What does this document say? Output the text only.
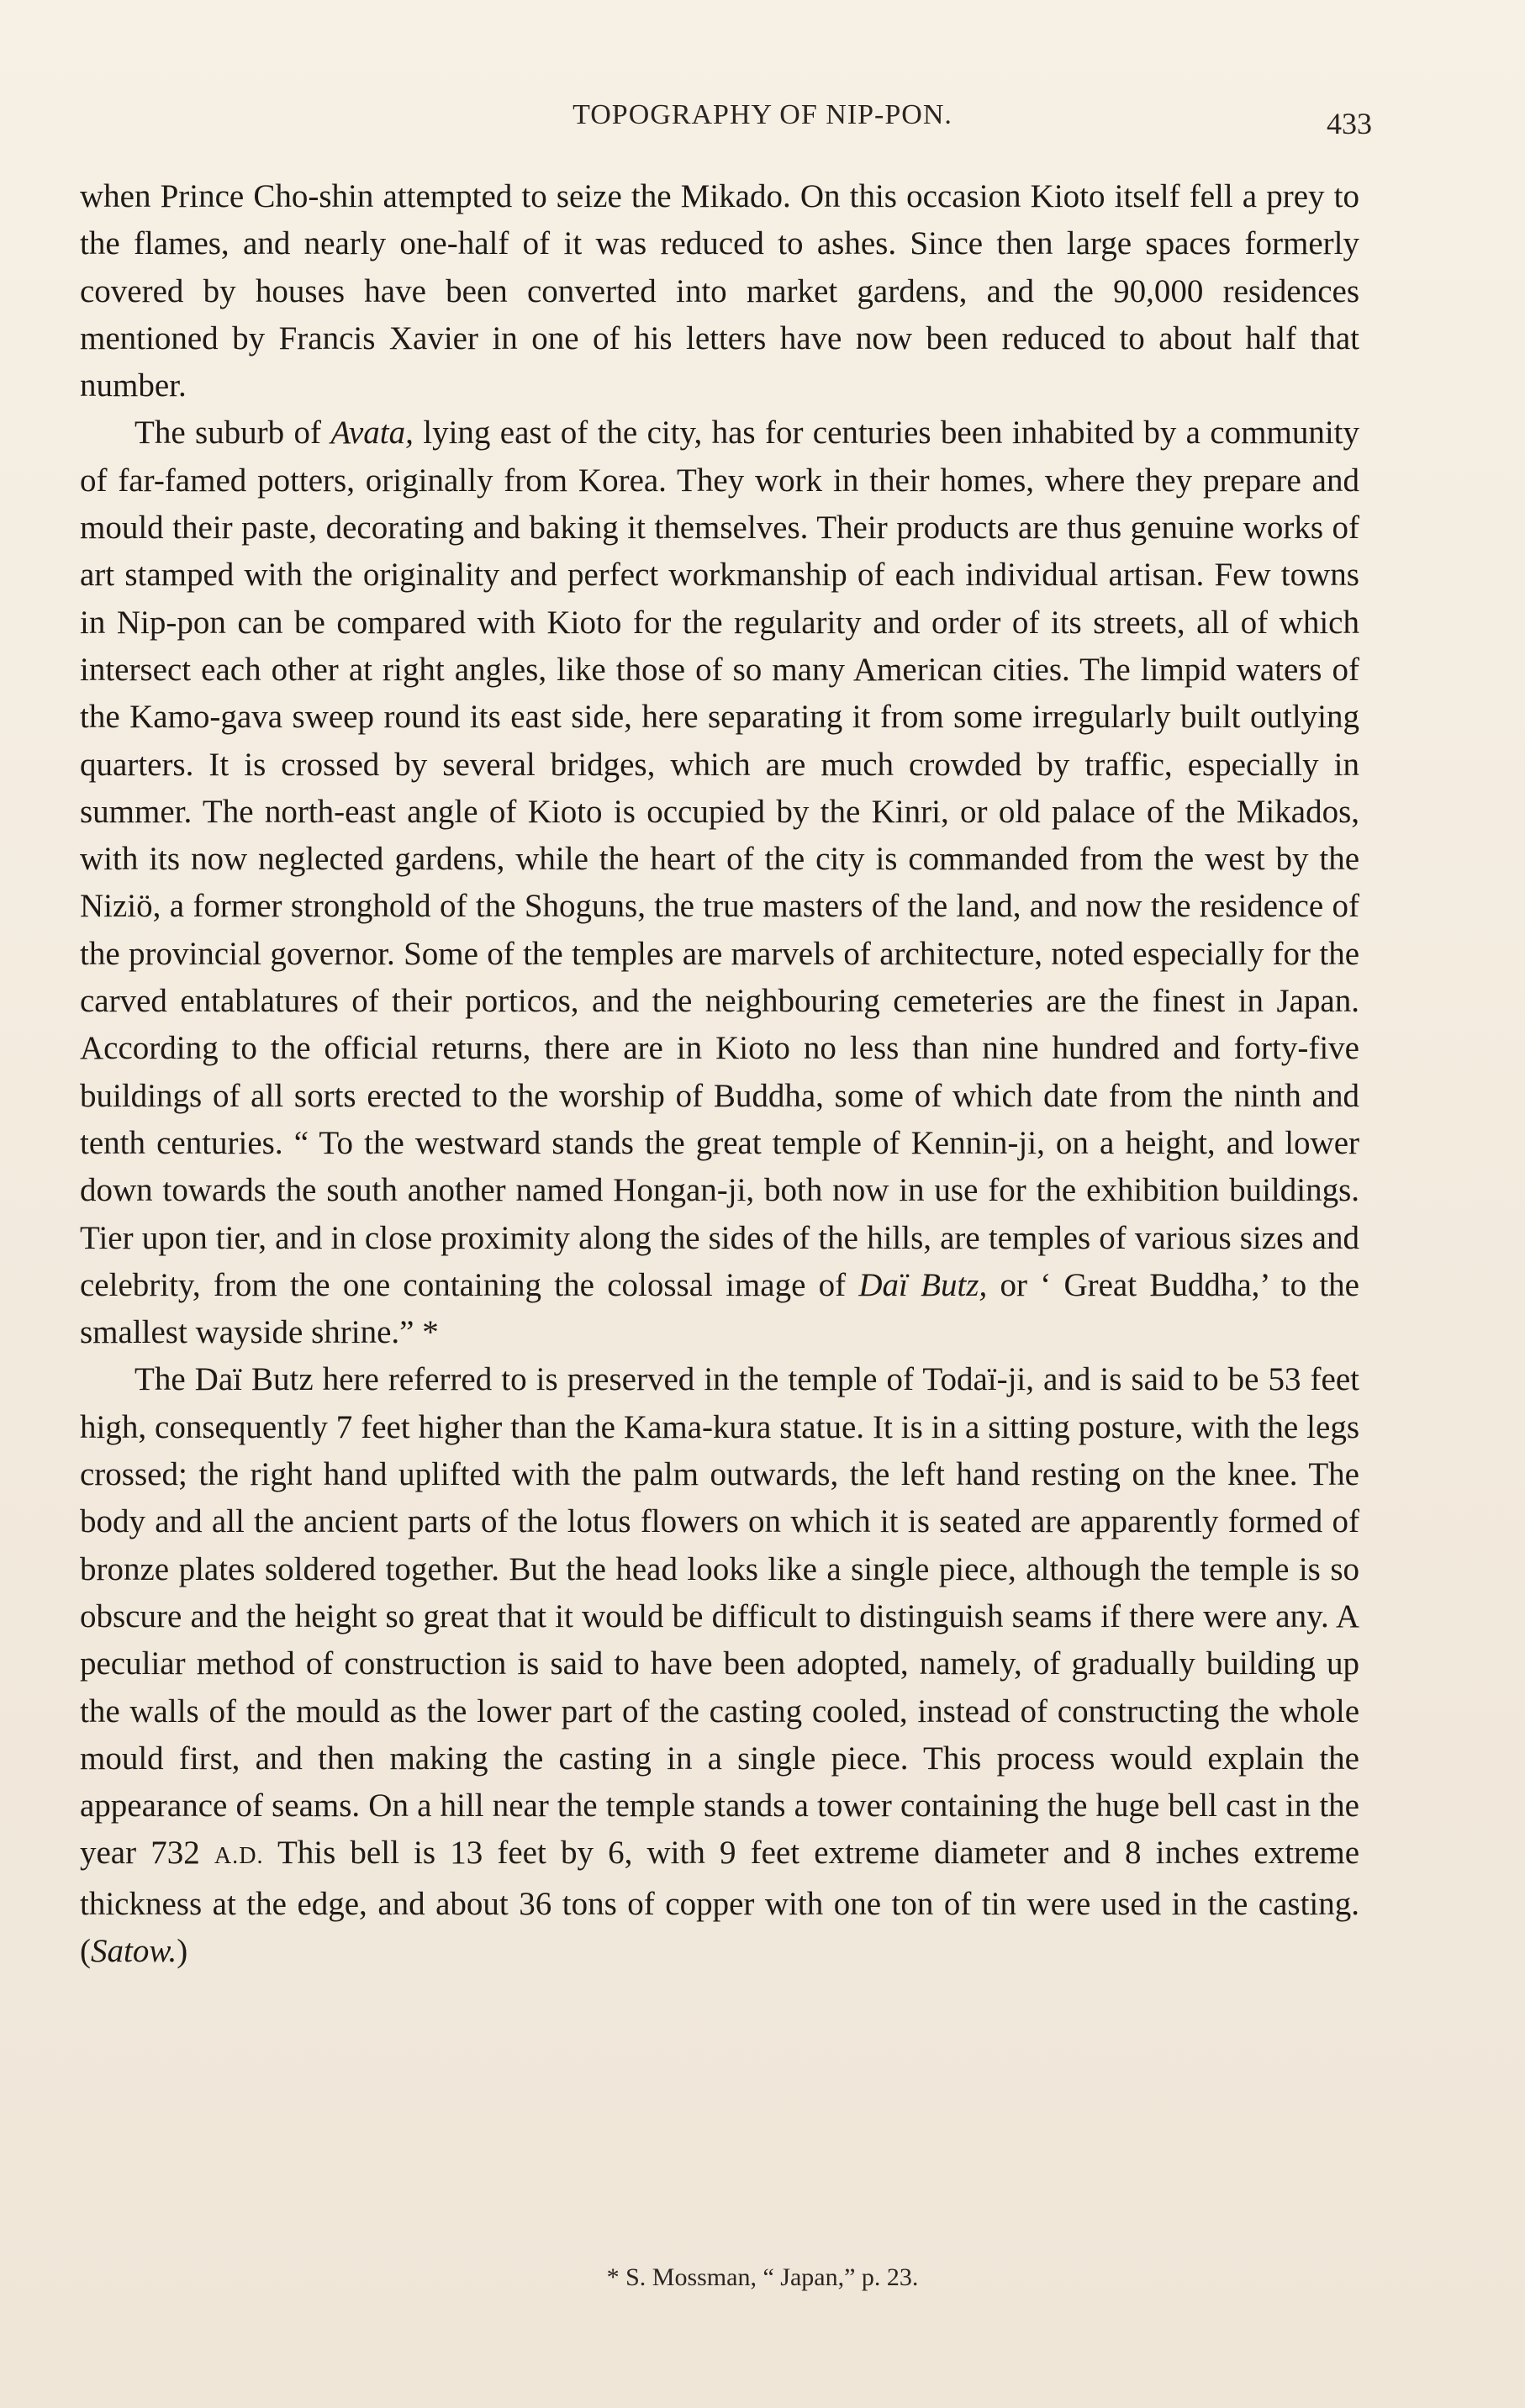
TOPOGRAPHY OF NIP-PON.	433

when Prince Cho-shin attempted to seize the Mikado. On this occasion Kioto itself fell a prey to the flames, and nearly one-half of it was reduced to ashes. Since then large spaces formerly covered by houses have been converted into market gardens, and the 90,000 residences mentioned by Francis Xavier in one of his letters have now been reduced to about half that number.

The suburb of Avata, lying east of the city, has for centuries been inhabited by a community of far-famed potters, originally from Korea. They work in their homes, where they prepare and mould their paste, decorating and baking it themselves. Their products are thus genuine works of art stamped with the originality and perfect workmanship of each individual artisan. Few towns in Nip-pon can be compared with Kioto for the regularity and order of its streets, all of which intersect each other at right angles, like those of so many American cities. The limpid waters of the Kamo-gava sweep round its east side, here separating it from some irregularly built outlying quarters. It is crossed by several bridges, which are much crowded by traffic, especially in summer. The north-east angle of Kioto is occupied by the Kinri, or old palace of the Mikados, with its now neglected gardens, while the heart of the city is commanded from the west by the Niziö, a former stronghold of the Shoguns, the true masters of the land, and now the residence of the provincial governor. Some of the temples are marvels of architecture, noted especially for the carved entablatures of their porticos, and the neighbouring cemeteries are the finest in Japan. According to the official returns, there are in Kioto no less than nine hundred and forty-five buildings of all sorts erected to the worship of Buddha, some of which date from the ninth and tenth centuries. “ To the westward stands the great temple of Kennin-ji, on a height, and lower down towards the south another named Hongan-ji, both now in use for the exhibition buildings. Tier upon tier, and in close proximity along the sides of the hills, are temples of various sizes and celebrity, from the one containing the colossal image of Daï Butz, or ‘ Great Buddha,’ to the smallest wayside shrine.” *

The Daï Butz here referred to is preserved in the temple of Todaï-ji, and is said to be 53 feet high, consequently 7 feet higher than the Kama-kura statue. It is in a sitting posture, with the legs crossed; the right hand uplifted with the palm outwards, the left hand resting on the knee. The body and all the ancient parts of the lotus flowers on which it is seated are apparently formed of bronze plates soldered together. But the head looks like a single piece, although the temple is so obscure and the height so great that it would be difficult to distinguish seams if there were any. A peculiar method of construction is said to have been adopted, namely, of gradually building up the walls of the mould as the lower part of the casting cooled, instead of constructing the whole mould first, and then making the casting in a single piece. This process would explain the appearance of seams. On a hill near the temple stands a tower containing the huge bell cast in the year 732 A.D. This bell is 13 feet by 6, with 9 feet extreme diameter and 8 inches extreme thickness at the edge, and about 36 tons of copper with one ton of tin were used in the casting. (Satow.)

* S. Mossman, “ Japan,” p. 23.
